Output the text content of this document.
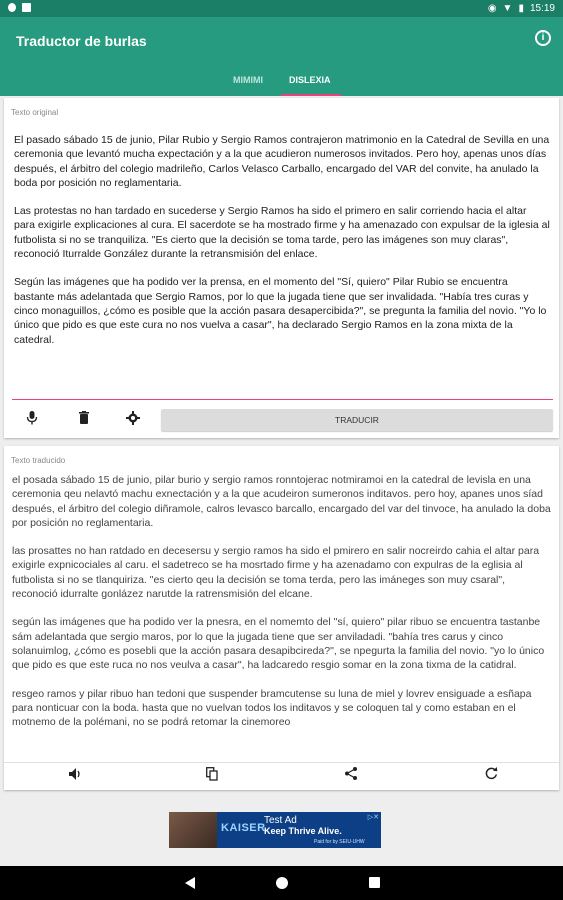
◉ ▼ ▮ 15:19
Traductor de burlas	i
MIMIMI	DISLEXIA
Texto original

El pasado sábado 15 de junio, Pilar Rubio y Sergio Ramos contrajeron matrimonio en la Catedral de Sevilla en una ceremonia que levantó mucha expectación y a la que acudieron numerosos invitados. Pero hoy, apenas unos días después, el árbitro del colegio madrileño, Carlos Velasco Carballo, encargado del VAR del convite, ha anulado la boda por posición no reglamentaria.

Las protestas no han tardado en sucederse y Sergio Ramos ha sido el primero en salir corriendo hacia el altar para exigirle explicaciones al cura. El sacerdote se ha mostrado firme y ha amenazado con expulsar de la iglesia al futbolista si no se tranquiliza. "Es cierto que la decisión se toma tarde, pero las imágenes son muy claras", reconoció Iturralde González durante la retransmisión del enlace.

Según las imágenes que ha podido ver la prensa, en el momento del "Sí, quiero" Pilar Rubio se encuentra bastante más adelantada que Sergio Ramos, por lo que la jugada tiene que ser invalidada. "Había tres curas y cinco monaguillos, ¿cómo es posible que la acción pasara desapercibida?", se pregunta la familia del novio. "Yo lo único que pido es que este cura no nos vuelva a casar", ha declarado Sergio Ramos en la zona mixta de la catedral.

TRADUCIR
Texto traducido

el posada sábado 15 de junio, pilar burio y sergio ramos ronntojerac notmiramoi en la catedral de levisla en una ceremonia qeu nelavtó machu exnectación y a la que acudeiron sumeronos inditavos. pero hoy, apanes unos síad después, el árbitro del colegio diñramole, calros levasco barcallo, encargado del var del tinvoce, ha anulado la doba por posición no reglamentaria.

las prosattes no han ratdado en decesersu y sergio ramos ha sido el pmirero en salir nocreirdo cahia el altar para exigirle expnicociales al caru. el sadetreco se ha mosrtado firme y ha azenadamo con expulras de la eglisia al futbolista si no se tlanquiriza. "es cierto qeu la decisión se toma terda, pero las imáneges son muy csaral", reconoció idurralte gonlázez narutde la ratrensmisión del elcane.

según las imágenes que ha podido ver la pnesra, en el nomemto del "sí, quiero" pilar ribuo se encuentra tastanbe sám adelantada que sergio maros, por lo que la jugada tiene que ser anviladadi. "bahía tres carus y cinco solanuimlog, ¿cómo es posebli que la acción pasara desapibcireda?", se npegurta la familia del novio. "yo lo único que pido es que este ruca no nos veulva a casar", ha ladcaredo resgio somar en la zona tixma de la catidral.

resgeo ramos y pilar ribuo han tedoni que suspender bramcutense su luna de miel y lovrev ensiguade a esñapa para nonticuar con la boda. hasta que no vuelvan todos los inditavos y se coloquen tal y como estaban en el motnemo de la polémani, no se podrá retomar la cinemoreo

KAISER
Test Ad
Keep Thrive Alive.
Paid for by SEIU-UHW
▷✕
